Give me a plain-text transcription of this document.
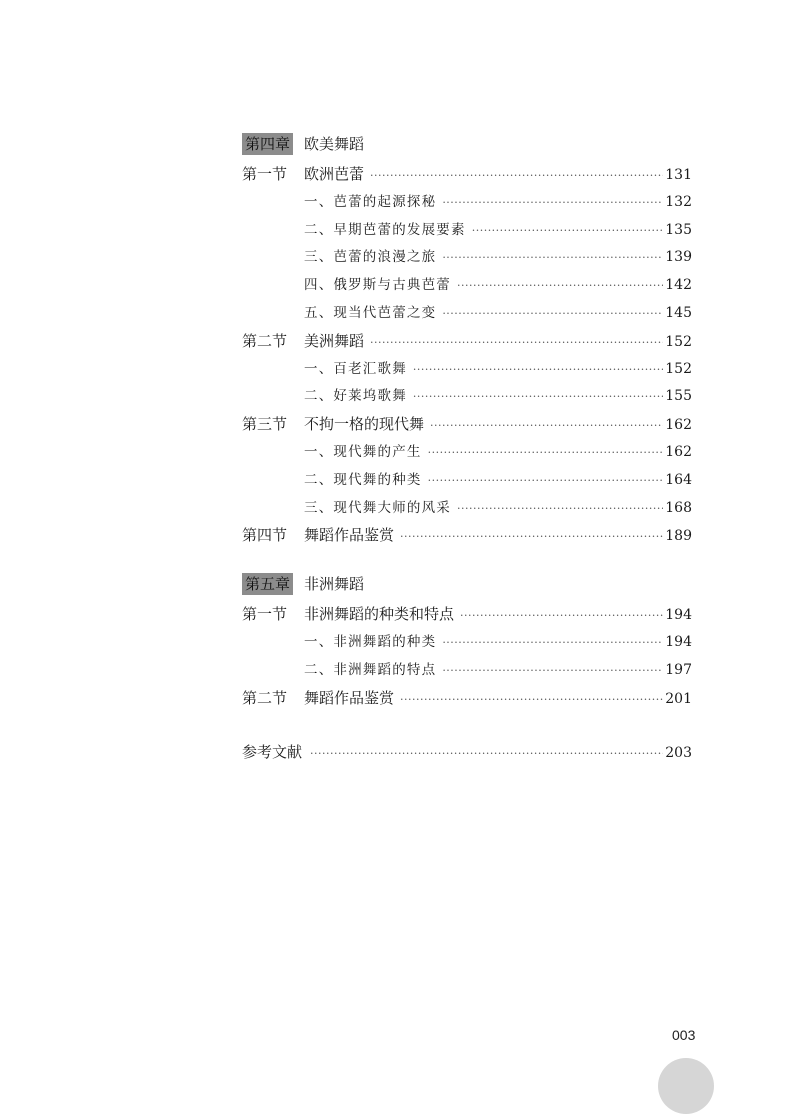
第四章 欧美舞蹈
第一节	欧洲芭蕾 ·····	131
一、芭蕾的起源探秘 ·····	132
二、早期芭蕾的发展要素 ·····	135
三、芭蕾的浪漫之旅 ·····	139
四、俄罗斯与古典芭蕾 ·····	142
五、现当代芭蕾之变 ·····	145
第二节	美洲舞蹈 ·····	152
一、百老汇歌舞 ·····	152
二、好莱坞歌舞 ·····	155
第三节	不拘一格的现代舞 ·····	162
一、现代舞的产生 ·····	162
二、现代舞的种类 ·····	164
三、现代舞大师的风采 ·····	168
第四节	舞蹈作品鉴赏 ·····	189
第五章 非洲舞蹈
第一节	非洲舞蹈的种类和特点 ·····	194
一、非洲舞蹈的种类 ·····	194
二、非洲舞蹈的特点 ·····	197
第二节	舞蹈作品鉴赏 ·····	201
参考文献 ·····	203
003
